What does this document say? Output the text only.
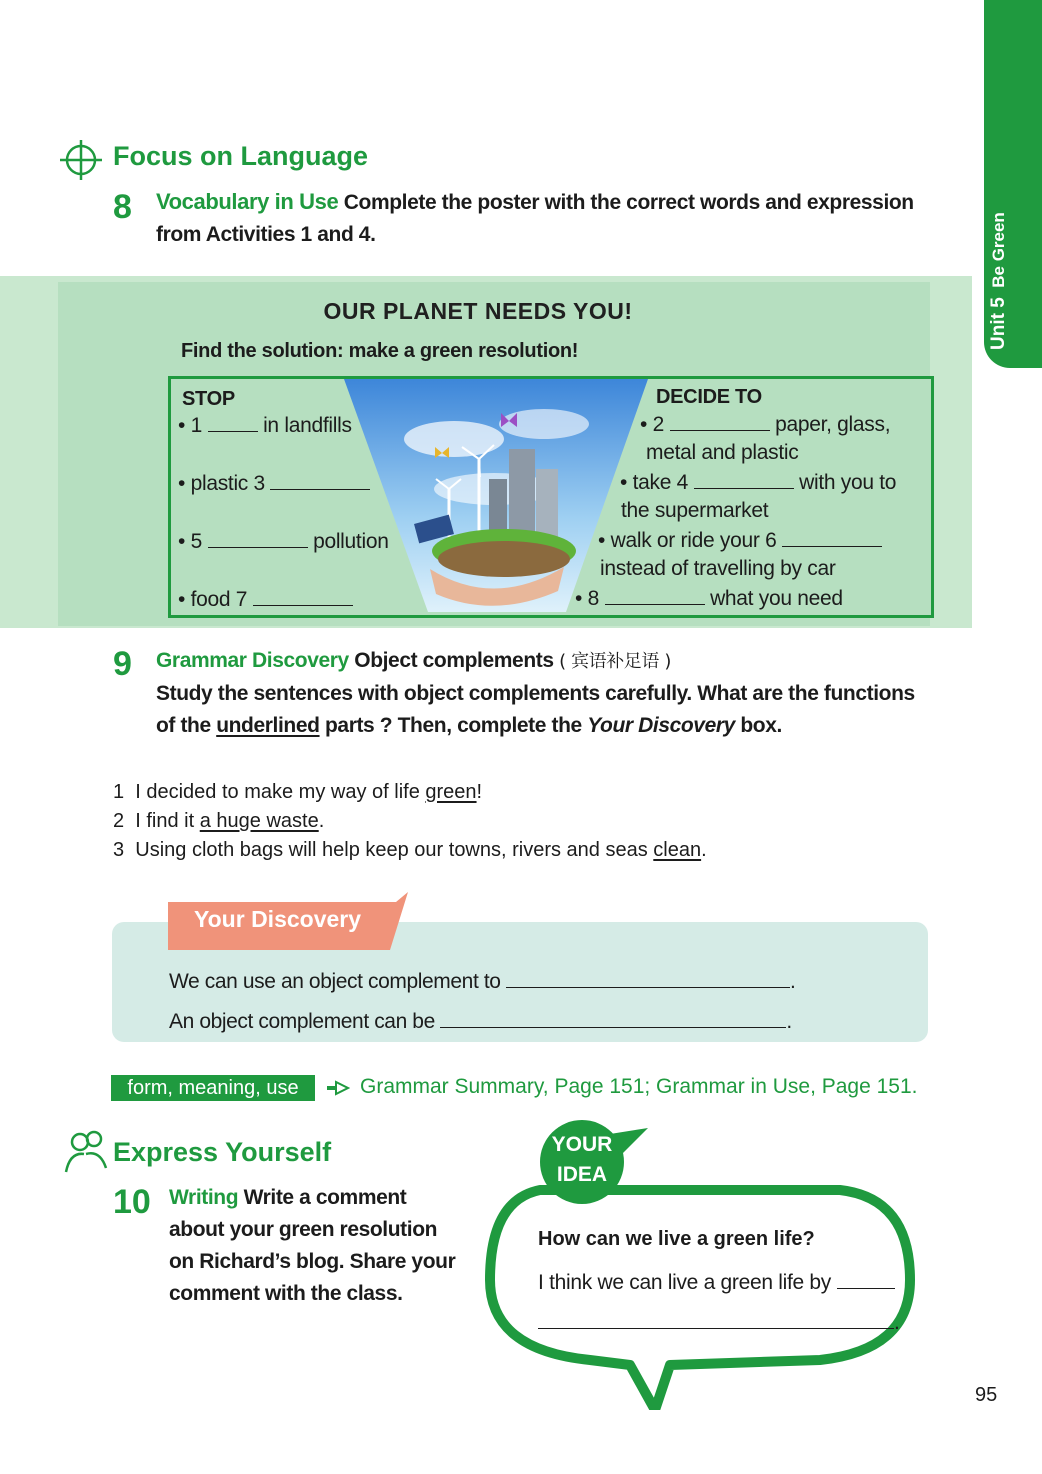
Unit 5  Be Green
Focus on Language
8 Vocabulary in Use Complete the poster with the correct words and expression
from Activities 1 and 4.
OUR PLANET NEEDS YOU!
Find the solution: make a green resolution!
STOP
• 1	in landfills
• plastic 3
• 5	pollution
• food 7
DECIDE TO
• 2	paper, glass,
metal and plastic
• take 4	with you to
the supermarket
• walk or ride your 6
instead of travelling by car
• 8	what you need
9 Grammar Discovery Object complements ( 宾语补足语 )
Study the sentences with object complements carefully. What are the functions
of the underlined parts ? Then, complete the Your Discovery box.
1 I decided to make my way of life green!
2 I find it a huge waste.
3 Using cloth bags will help keep our towns, rivers and seas clean.
Your Discovery
We can use an object complement to	.
An object complement can be	.
form, meaning, use	Grammar Summary, Page 151; Grammar in Use, Page 151.
Express Yourself
10 Writing Write a comment
about your green resolution
on Richard’s blog. Share your
comment with the class.
YOUR
IDEA
How can we live a green life?
I think we can live a green life by
.
95
